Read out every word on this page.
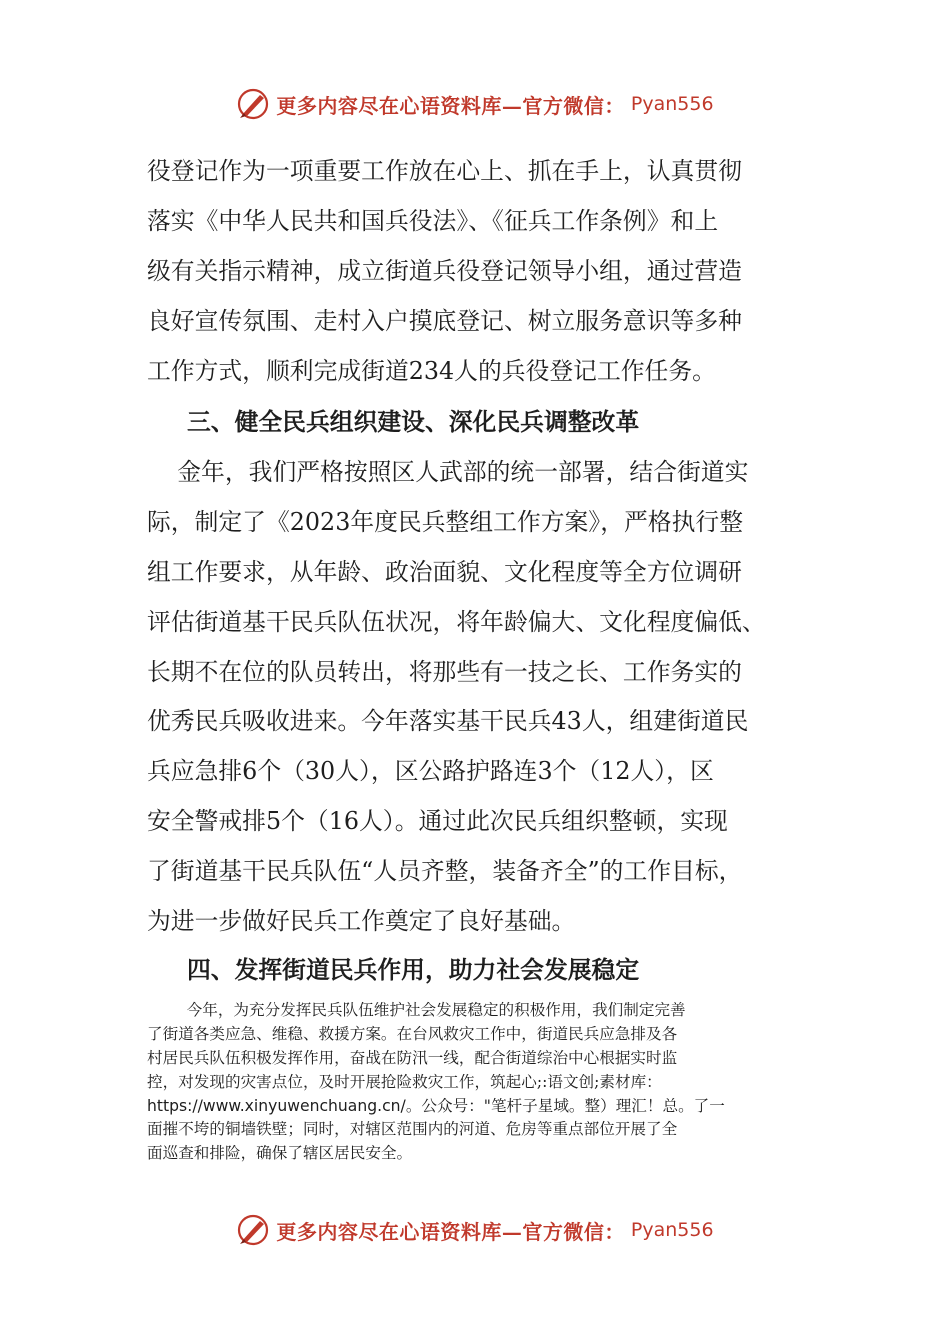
更多内容尽在心语资料库—官方微信： Pyan556
役登记作为一项重要工作放在心上、抓在手上，认真贯彻
落实《中华人民共和国兵役法》、《征兵工作条例》和上
级有关指示精神，成立街道兵役登记领导小组，通过营造
良好宣传氛围、走村入户摸底登记、树立服务意识等多种
工作方式，顺利完成街道234人的兵役登记工作任务。
三、健全民兵组织建设、深化民兵调整改革
金年，我们严格按照区人武部的统一部署，结合街道实
际，制定了《2023年度民兵整组工作方案》，严格执行整
组工作要求，从年龄、政治面貌、文化程度等全方位调研
评估街道基干民兵队伍状况，将年龄偏大、文化程度偏低、
长期不在位的队员转出，将那些有一技之长、工作务实的
优秀民兵吸收进来。今年落实基干民兵43人，组建街道民
兵应急排6个（30人），区公路护路连3个（12人），区
安全警戒排5个（16人）。通过此次民兵组织整顿，实现
了街道基干民兵队伍“人员齐整，装备齐全”的工作目标，
为进一步做好民兵工作奠定了良好基础。
四、发挥街道民兵作用，助力社会发展稳定
今年，为充分发挥民兵队伍维护社会发展稳定的积极作用，我们制定完善
了街道各类应急、维稳、救援方案。在台风救灾工作中，街道民兵应急排及各
村居民兵队伍积极发挥作用，奋战在防汛一线，配合街道综治中心根据实时监
控，对发现的灾害点位，及时开展抢险救灾工作，筑起心;:语文创;素材库：
https://www.xinyuwenchuang.cn/。公众号："笔杆子星域。整）理汇！总。了一
面摧不垮的铜墙铁壁；同时，对辖区范围内的河道、危房等重点部位开展了全
面巡查和排险，确保了辖区居民安全。
更多内容尽在心语资料库—官方微信： Pyan556
